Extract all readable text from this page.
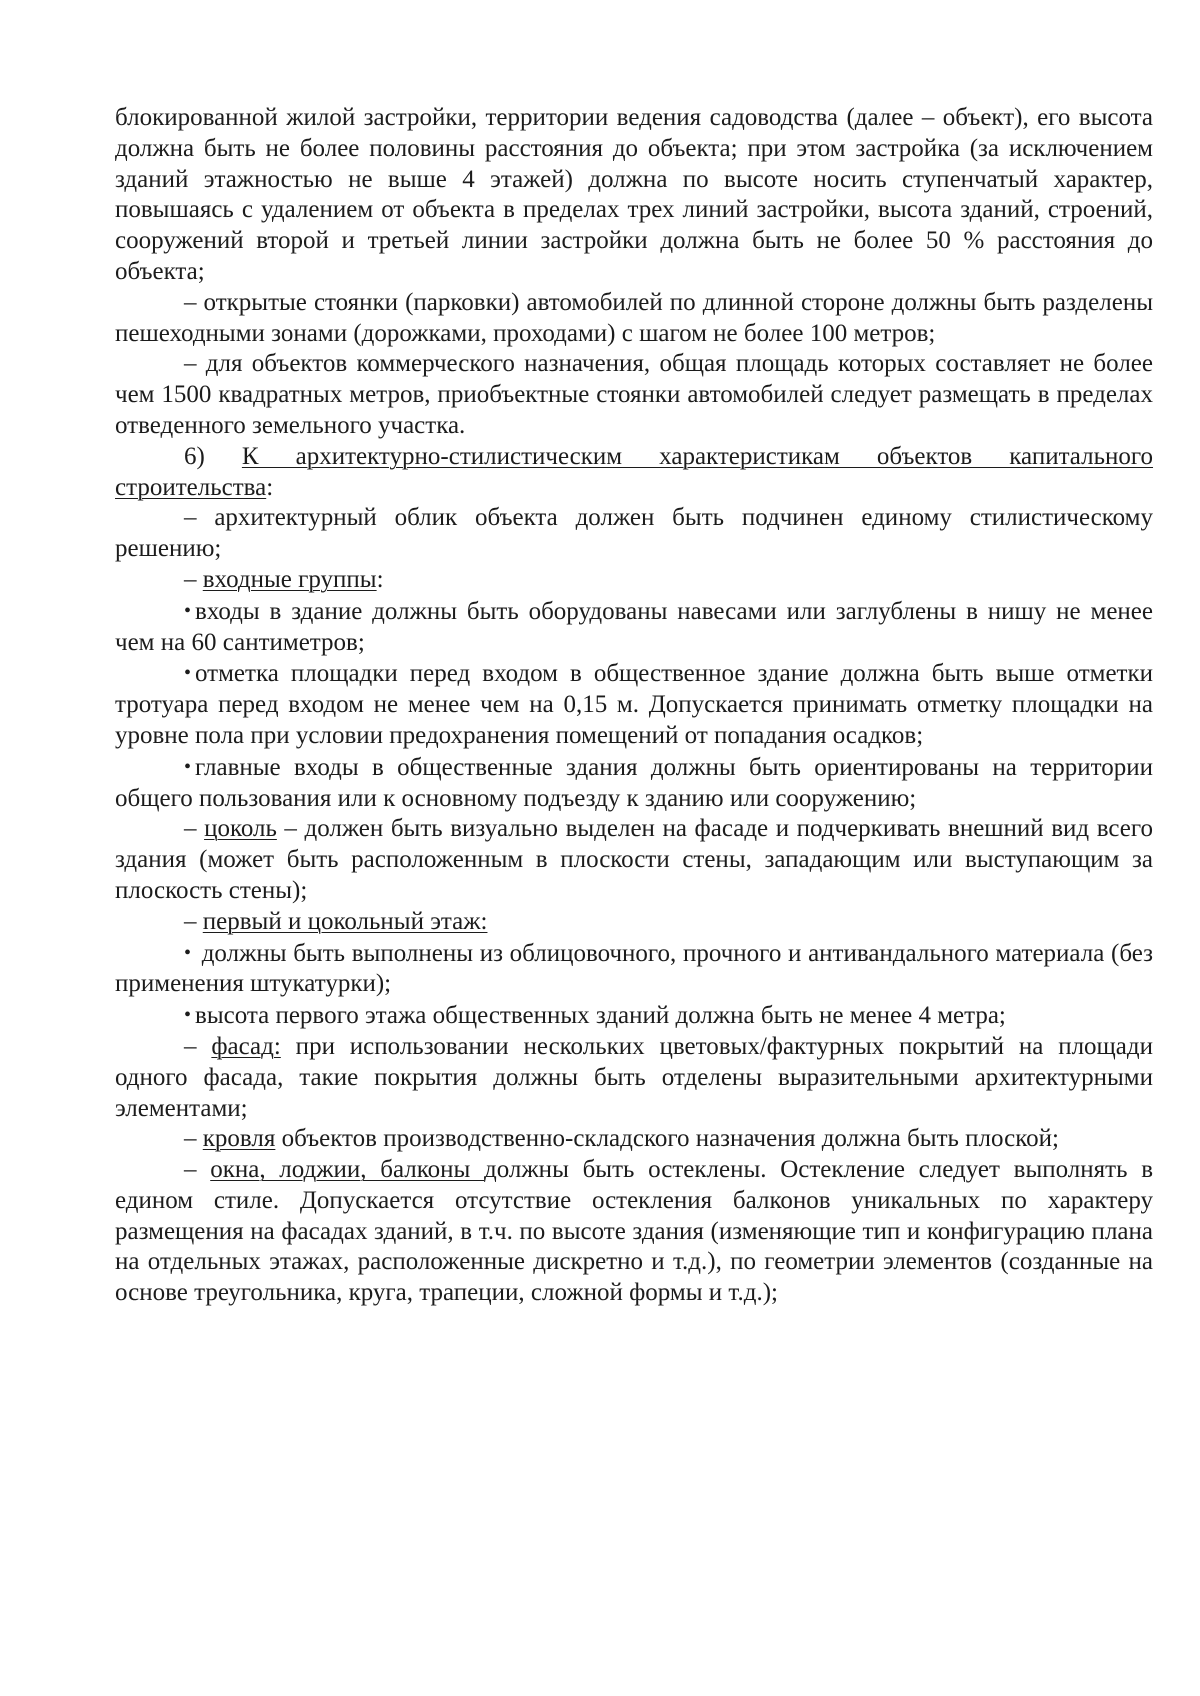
блокированной жилой застройки, территории ведения садоводства (далее – объект), его высота должна быть не более половины расстояния до объекта; при этом застройка (за исключением зданий этажностью не выше 4 этажей) должна по высоте носить ступенчатый характер, повышаясь с удалением от объекта в пределах трех линий застройки, высота зданий, строений, сооружений второй и третьей линии застройки должна быть не более 50 % расстояния до объекта;

– открытые стоянки (парковки) автомобилей по длинной стороне должны быть разделены пешеходными зонами (дорожками, проходами) с шагом не более 100 метров;

– для объектов коммерческого назначения, общая площадь которых составляет не более чем 1500 квадратных метров, приобъектные стоянки автомобилей следует размещать в пределах отведенного земельного участка.

6) К архитектурно-стилистическим характеристикам объектов капитального строительства:

– архитектурный облик объекта должен быть подчинен единому стилистическому решению;

– входные группы:

• входы в здание должны быть оборудованы навесами или заглублены в нишу не менее чем на 60 сантиметров;

• отметка площадки перед входом в общественное здание должна быть выше отметки тротуара перед входом не менее чем на 0,15 м. Допускается принимать отметку площадки на уровне пола при условии предохранения помещений от попадания осадков;

• главные входы в общественные здания должны быть ориентированы на территории общего пользования или к основному подъезду к зданию или сооружению;

– цоколь – должен быть визуально выделен на фасаде и подчеркивать внешний вид всего здания (может быть расположенным в плоскости стены, западающим или выступающим за плоскость стены);

– первый и цокольный этаж:

• должны быть выполнены из облицовочного, прочного и антивандального материала (без применения штукатурки);

• высота первого этажа общественных зданий должна быть не менее 4 метра;

– фасад: при использовании нескольких цветовых/фактурных покрытий на площади одного фасада, такие покрытия должны быть отделены выразительными архитектурными элементами;

– кровля объектов производственно-складского назначения должна быть плоской;

– окна, лоджии, балконы должны быть остеклены. Остекление следует выполнять в едином стиле. Допускается отсутствие остекления балконов уникальных по характеру размещения на фасадах зданий, в т.ч. по высоте здания (изменяющие тип и конфигурацию плана на отдельных этажах, расположенные дискретно и т.д.), по геометрии элементов (созданные на основе треугольника, круга, трапеции, сложной формы и т.д.);
